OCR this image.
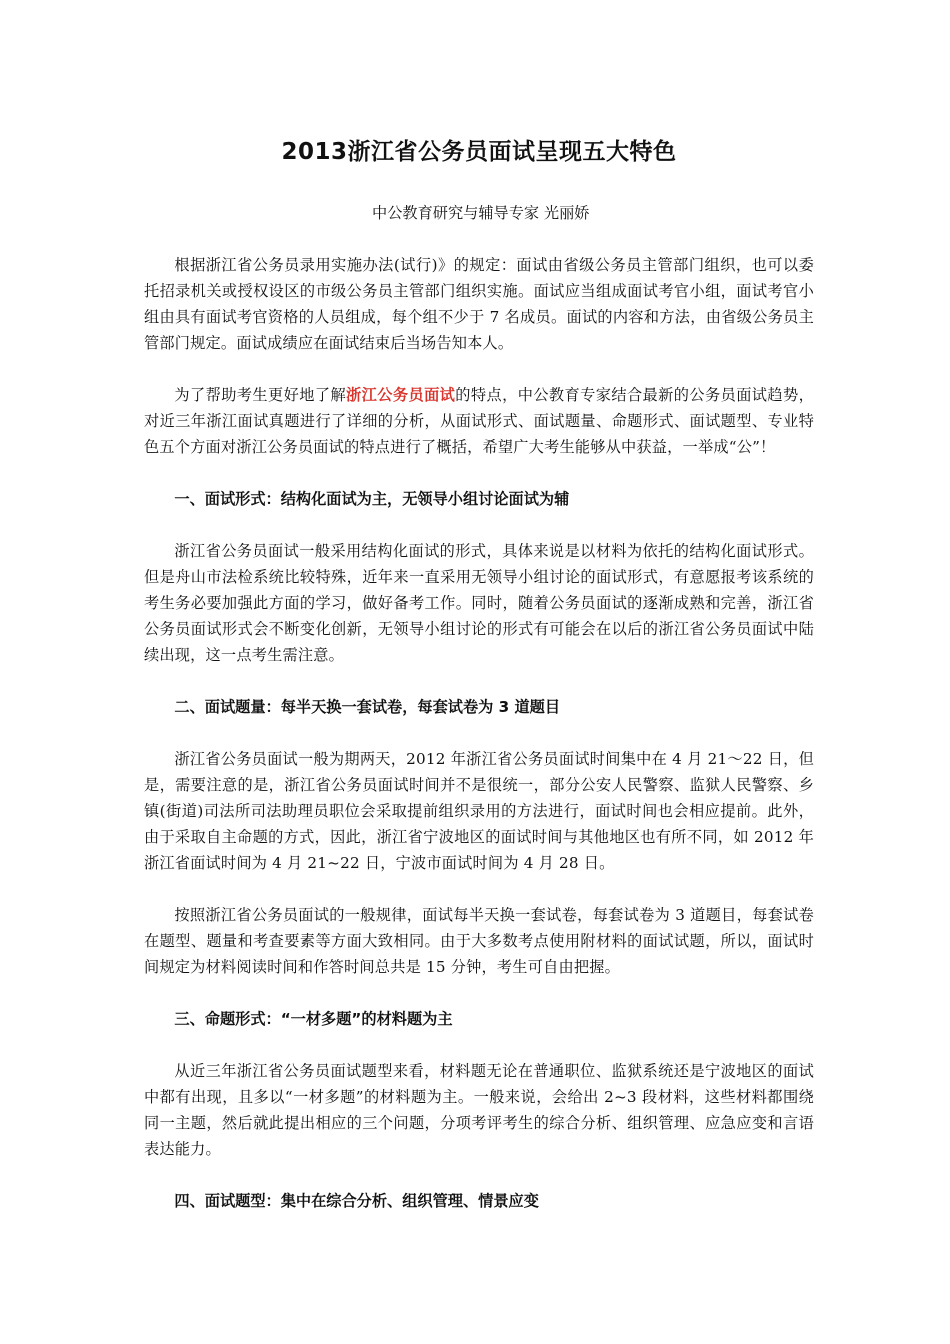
2013浙江省公务员面试呈现五大特色

中公教育研究与辅导专家 光丽娇

根据浙江省公务员录用实施办法(试行)》的规定：面试由省级公务员主管部门组织，也可以委托招录机关或授权设区的市级公务员主管部门组织实施。面试应当组成面试考官小组，面试考官小组由具有面试考官资格的人员组成，每个组不少于 7 名成员。面试的内容和方法，由省级公务员主管部门规定。面试成绩应在面试结束后当场告知本人。

为了帮助考生更好地了解浙江公务员面试的特点，中公教育专家结合最新的公务员面试趋势，对近三年浙江面试真题进行了详细的分析，从面试形式、面试题量、命题形式、面试题型、专业特色五个方面对浙江公务员面试的特点进行了概括，希望广大考生能够从中获益，一举成“公”！

一、面试形式：结构化面试为主，无领导小组讨论面试为辅

浙江省公务员面试一般采用结构化面试的形式，具体来说是以材料为依托的结构化面试形式。但是舟山市法检系统比较特殊，近年来一直采用无领导小组讨论的面试形式，有意愿报考该系统的考生务必要加强此方面的学习，做好备考工作。同时，随着公务员面试的逐渐成熟和完善，浙江省公务员面试形式会不断变化创新，无领导小组讨论的形式有可能会在以后的浙江省公务员面试中陆续出现，这一点考生需注意。

二、面试题量：每半天换一套试卷，每套试卷为 3 道题目

浙江省公务员面试一般为期两天，2012 年浙江省公务员面试时间集中在 4 月 21～22 日，但是，需要注意的是，浙江省公务员面试时间并不是很统一，部分公安人民警察、监狱人民警察、乡镇(街道)司法所司法助理员职位会采取提前组织录用的方法进行，面试时间也会相应提前。此外，由于采取自主命题的方式，因此，浙江省宁波地区的面试时间与其他地区也有所不同，如 2012 年浙江省面试时间为 4 月 21~22 日，宁波市面试时间为 4 月 28 日。

按照浙江省公务员面试的一般规律，面试每半天换一套试卷，每套试卷为 3 道题目，每套试卷在题型、题量和考查要素等方面大致相同。由于大多数考点使用附材料的面试试题，所以，面试时间规定为材料阅读时间和作答时间总共是 15 分钟，考生可自由把握。

三、命题形式：“一材多题”的材料题为主

从近三年浙江省公务员面试题型来看，材料题无论在普通职位、监狱系统还是宁波地区的面试中都有出现，且多以“一材多题”的材料题为主。一般来说，会给出 2~3 段材料，这些材料都围绕同一主题，然后就此提出相应的三个问题，分项考评考生的综合分析、组织管理、应急应变和言语表达能力。

四、面试题型：集中在综合分析、组织管理、情景应变
